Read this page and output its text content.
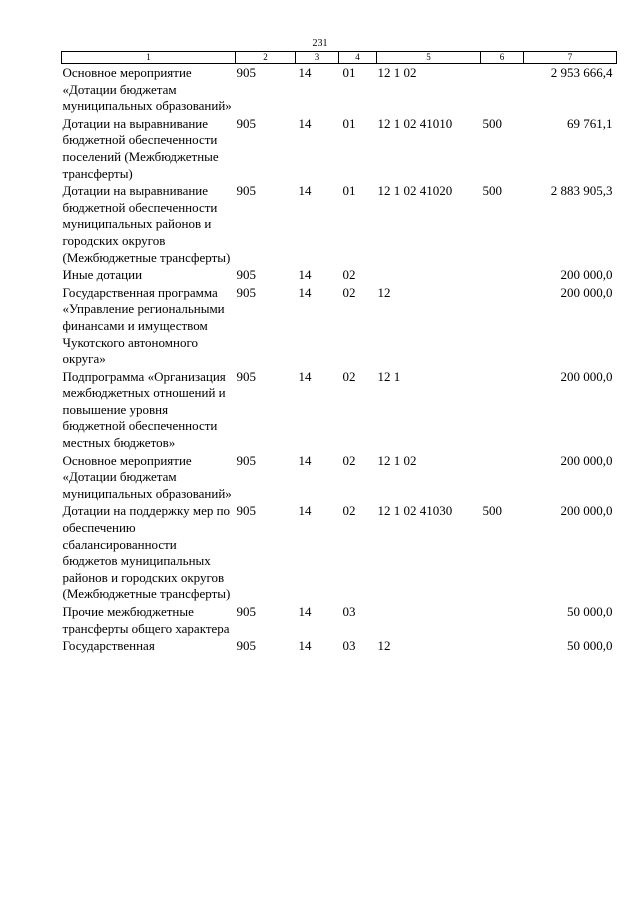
231
1	2	3	4	5	6	7
Основное мероприятие «Дотации бюджетам муниципальных образований»	905	14	01	12 1 02		2 953 666,4
Дотации на выравнивание бюджетной обеспеченности поселений (Межбюджетные трансферты)	905	14	01	12 1 02 41010	500	69 761,1
Дотации на выравнивание бюджетной обеспеченности муниципальных районов и городских округов (Межбюджетные трансферты)	905	14	01	12 1 02 41020	500	2 883 905,3
Иные дотации	905	14	02			200 000,0
Государственная программа «Управление региональными финансами и имуществом Чукотского автономного округа»	905	14	02	12		200 000,0
Подпрограмма «Организация межбюджетных отношений и повышение уровня бюджетной обеспеченности местных бюджетов»	905	14	02	12 1		200 000,0
Основное мероприятие «Дотации бюджетам муниципальных образований»	905	14	02	12 1 02		200 000,0
Дотации на поддержку мер по обеспечению сбалансированности бюджетов муниципальных районов и городских округов (Межбюджетные трансферты)	905	14	02	12 1 02 41030	500	200 000,0
Прочие межбюджетные трансферты общего характера	905	14	03			50 000,0
Государственная	905	14	03	12		50 000,0
